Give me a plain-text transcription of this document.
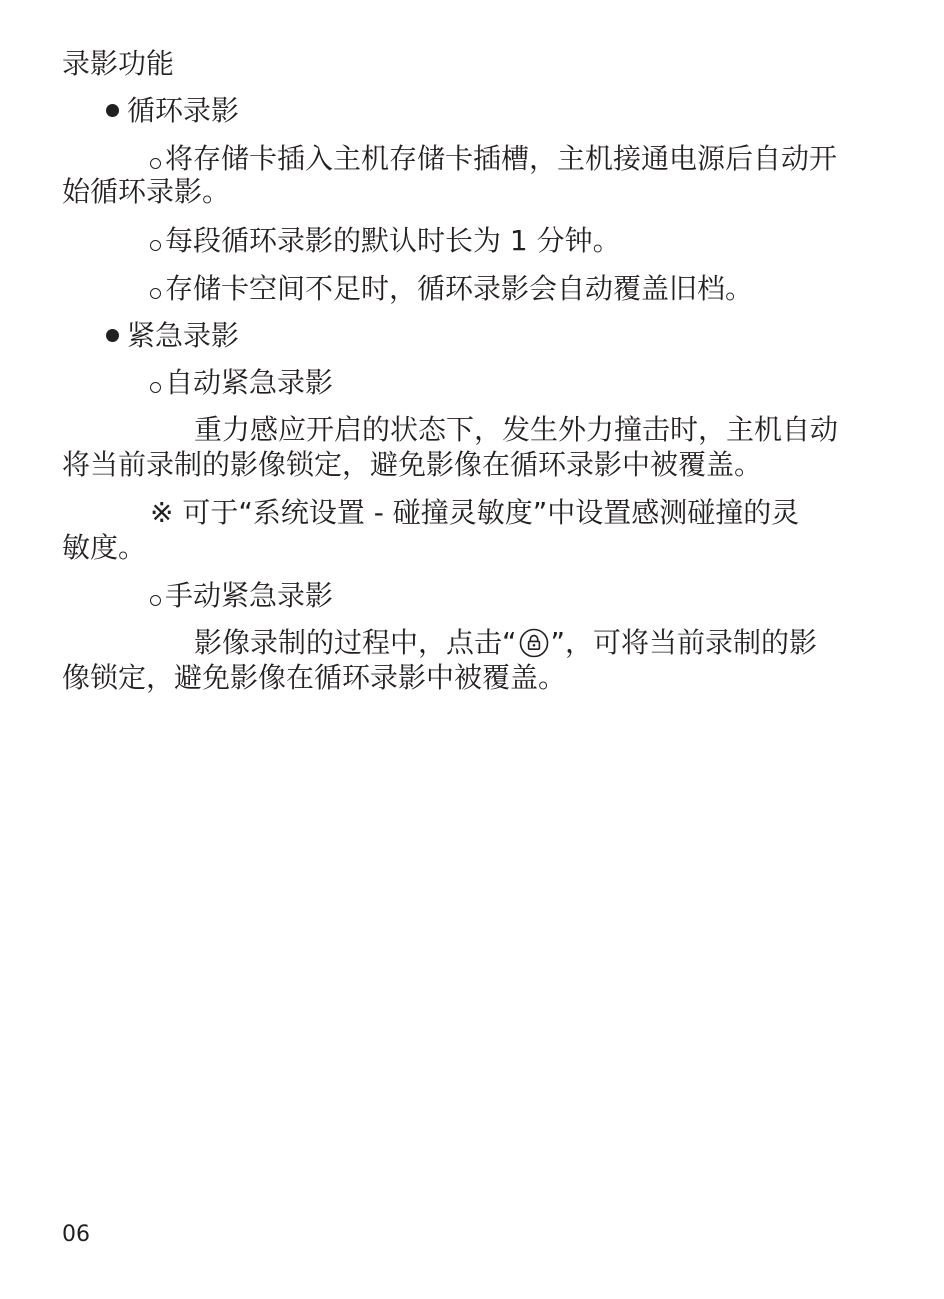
录影功能
循环录影
将存储卡插入主机存储卡插槽，主机接通电源后自动开
始循环录影。
每段循环录影的默认时长为 1 分钟。
存储卡空间不足时，循环录影会自动覆盖旧档。
紧急录影
自动紧急录影
重力感应开启的状态下，发生外力撞击时，主机自动
将当前录制的影像锁定，避免影像在循环录影中被覆盖。
※ 可于“系统设置 - 碰撞灵敏度”中设置感测碰撞的灵
敏度。
手动紧急录影
影像录制的过程中，点击“ ”，可将当前录制的影
像锁定，避免影像在循环录影中被覆盖。
06
